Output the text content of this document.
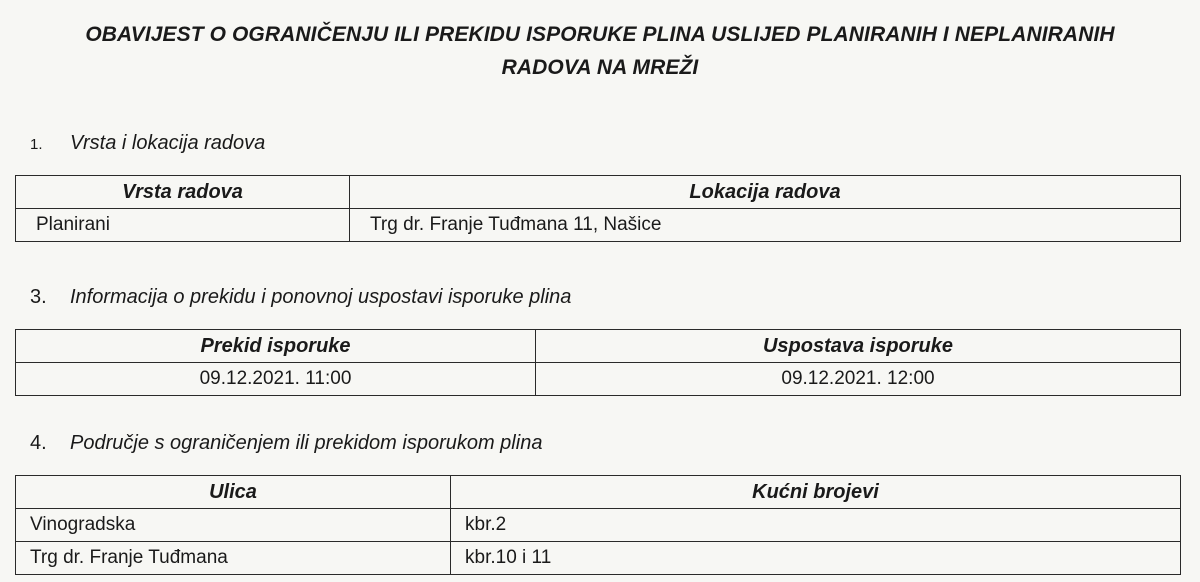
OBAVIJEST O OGRANIČENJU ILI PREKIDU ISPORUKE PLINA USLIJED PLANIRANIH I NEPLANIRANIH
RADOVA NA MREŽI
1. Vrsta i lokacija radova
Vrsta radova	Lokacija radova
Planirani	Trg dr. Franje Tuđmana 11, Našice
3. Informacija o prekidu i ponovnoj uspostavi isporuke plina
Prekid isporuke	Uspostava isporuke
09.12.2021. 11:00	09.12.2021. 12:00
4. Područje s ograničenjem ili prekidom isporukom plina
Ulica	Kućni brojevi
Vinogradska	kbr.2
Trg dr. Franje Tuđmana	kbr.10 i 11
